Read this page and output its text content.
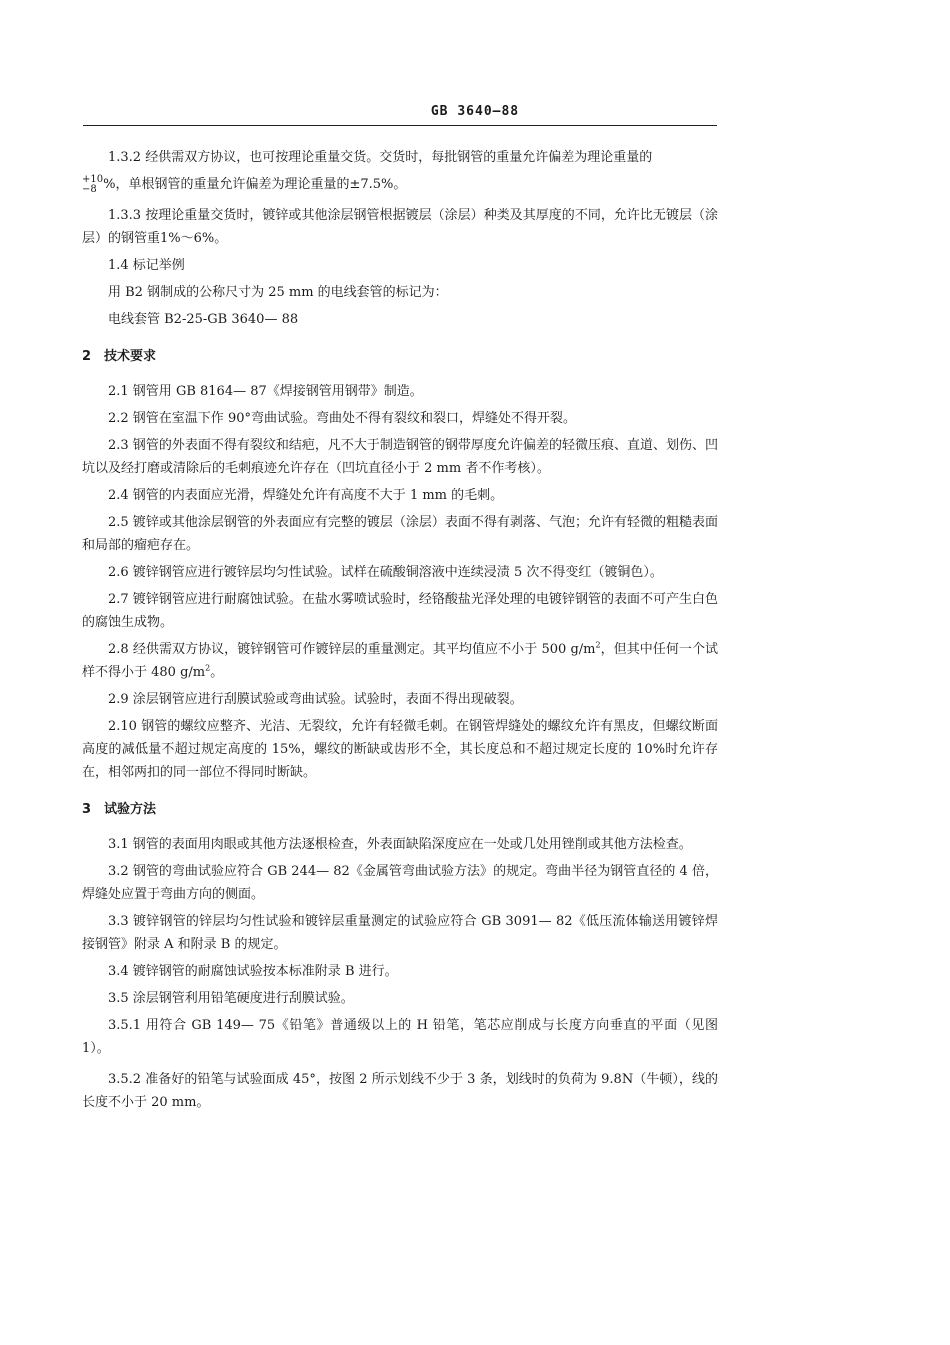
GB 3640—88

1.3.2 经供需双方协议，也可按理论重量交货。交货时，每批钢管的重量允许偏差为理论重量的

+10
−8 %，单根钢管的重量允许偏差为理论重量的±7.5%。

1.3.3 按理论重量交货时，镀锌或其他涂层钢管根据镀层（涂层）种类及其厚度的不同，允许比无镀层（涂层）的钢管重1%～6%。

1.4 标记举例

用 B2 钢制成的公称尺寸为 25 mm 的电线套管的标记为：

电线套管 B2-25-GB 3640— 88

2 技术要求

2.1 钢管用 GB 8164— 87《焊接钢管用钢带》制造。

2.2 钢管在室温下作 90°弯曲试验。弯曲处不得有裂纹和裂口，焊缝处不得开裂。

2.3 钢管的外表面不得有裂纹和结疤，凡不大于制造钢管的钢带厚度允许偏差的轻微压痕、直道、划伤、凹坑以及经打磨或清除后的毛刺痕迹允许存在（凹坑直径小于 2 mm 者不作考核）。

2.4 钢管的内表面应光滑，焊缝处允许有高度不大于 1 mm 的毛刺。

2.5 镀锌或其他涂层钢管的外表面应有完整的镀层（涂层）表面不得有剥落、气泡；允许有轻微的粗糙表面和局部的瘤疤存在。

2.6 镀锌钢管应进行镀锌层均匀性试验。试样在硫酸铜溶液中连续浸渍 5 次不得变红（镀铜色）。

2.7 镀锌钢管应进行耐腐蚀试验。在盐水雾喷试验时，经铬酸盐光泽处理的电镀锌钢管的表面不可产生白色的腐蚀生成物。

2.8 经供需双方协议，镀锌钢管可作镀锌层的重量测定。其平均值应不小于 500 $g/m^2$，但其中任何一个试样不得小于 480 $g/m^2$。

2.9 涂层钢管应进行刮膜试验或弯曲试验。试验时，表面不得出现破裂。

2.10 钢管的螺纹应整齐、光洁、无裂纹，允许有轻微毛刺。在钢管焊缝处的螺纹允许有黑皮，但螺纹断面高度的减低量不超过规定高度的 15%，螺纹的断缺或齿形不全，其长度总和不超过规定长度的 10%时允许存在，相邻两扣的同一部位不得同时断缺。

3 试验方法

3.1 钢管的表面用肉眼或其他方法逐根检查，外表面缺陷深度应在一处或几处用锉削或其他方法检查。

3.2 钢管的弯曲试验应符合 GB 244— 82《金属管弯曲试验方法》的规定。弯曲半径为钢管直径的 4 倍，焊缝处应置于弯曲方向的侧面。

3.3 镀锌钢管的锌层均匀性试验和镀锌层重量测定的试验应符合 GB 3091— 82《低压流体输送用镀锌焊接钢管》附录 A 和附录 B 的规定。

3.4 镀锌钢管的耐腐蚀试验按本标准附录 B 进行。

3.5 涂层钢管利用铅笔硬度进行刮膜试验。

3.5.1 用符合 GB 149— 75《铅笔》普通级以上的 H 铅笔，笔芯应削成与长度方向垂直的平面（见图 1）。

3.5.2 准备好的铅笔与试验面成 45°，按图 2 所示划线不少于 3 条，划线时的负荷为 9.8N（牛顿），线的长度不小于 20 mm。
